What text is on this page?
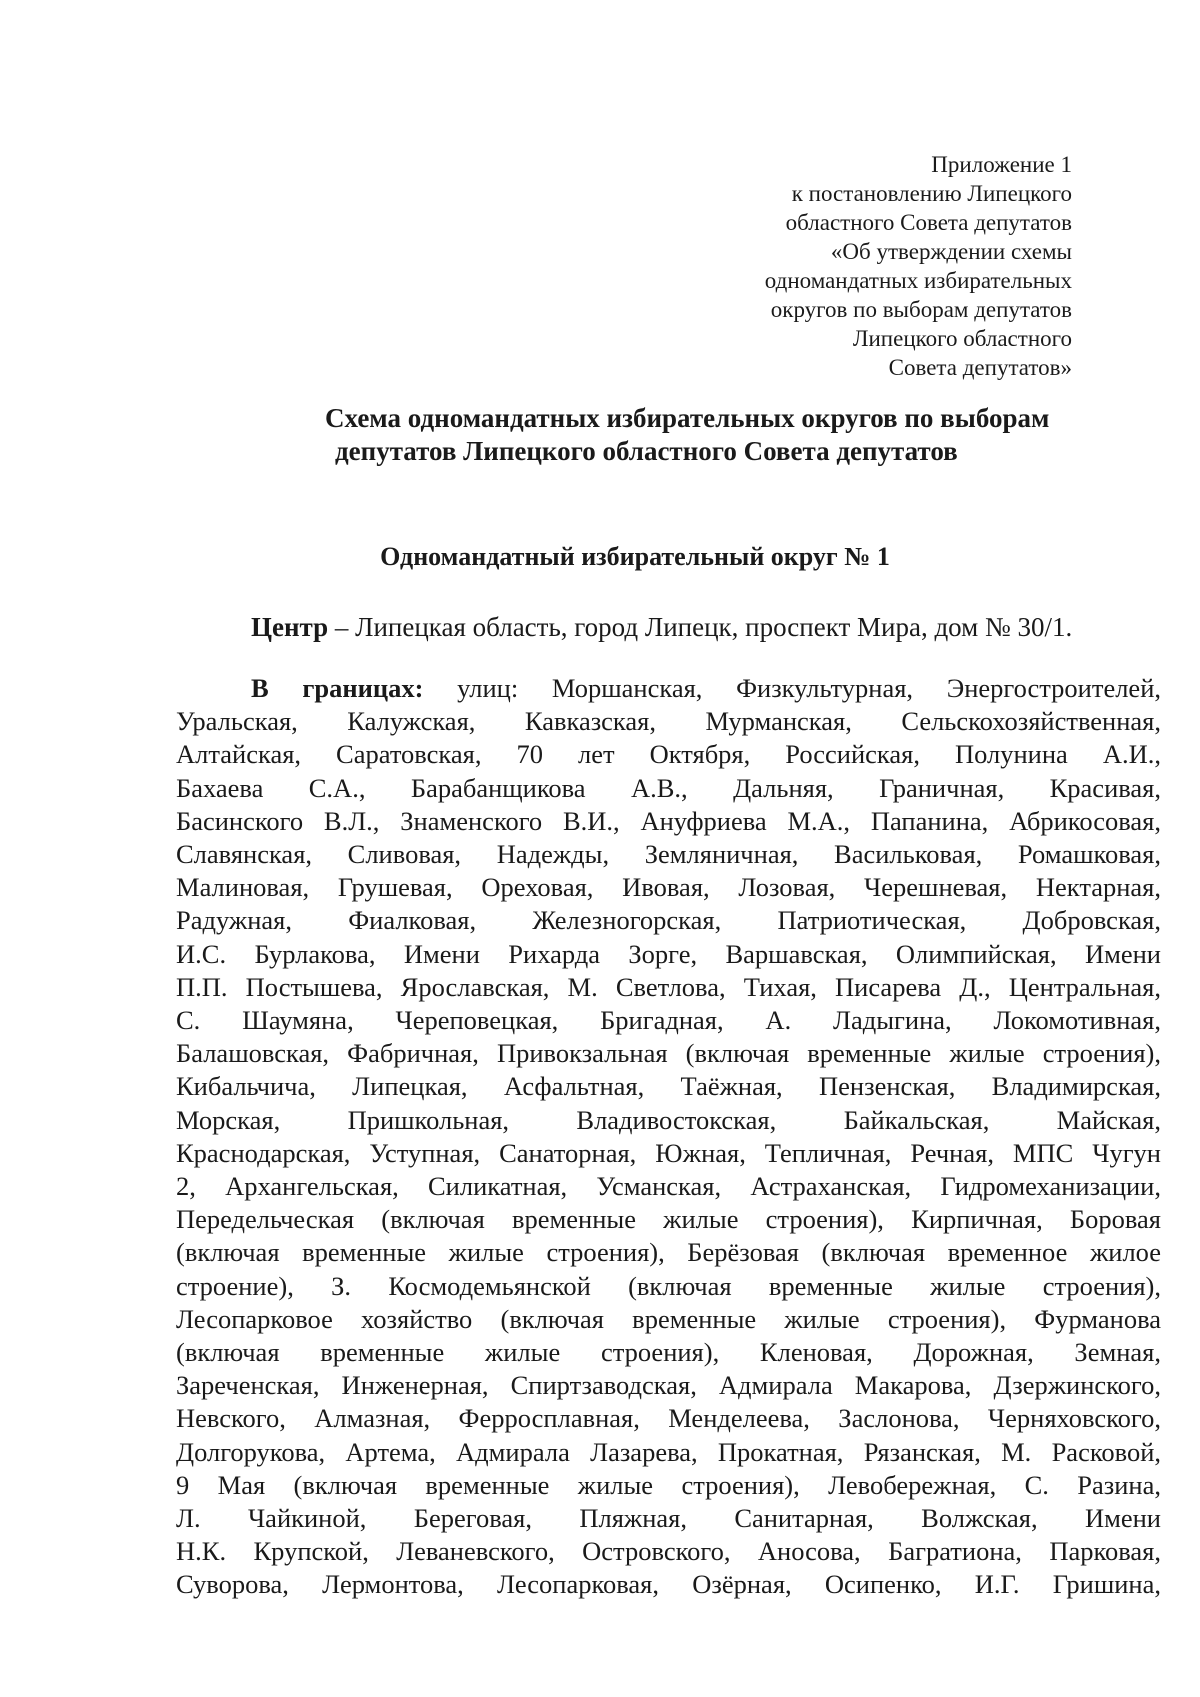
Приложение 1
к постановлению Липецкого
областного Совета депутатов
«Об утверждении схемы
одномандатных избирательных
округов по выборам депутатов
Липецкого областного
Совета депутатов»
Схема одномандатных избирательных округов по выборам
депутатов Липецкого областного Совета депутатов
Одномандатный избирательный округ № 1
Центр – Липецкая область, город Липецк, проспект Мира, дом № 30/1.
В границах: улиц: Моршанская, Физкультурная, Энергостроителей,
Уральская, Калужская, Кавказская, Мурманская, Сельскохозяйственная,
Алтайская, Саратовская, 70 лет Октября, Российская, Полунина А.И.,
Бахаева С.А., Барабанщикова А.В., Дальняя, Граничная, Красивая,
Басинского В.Л., Знаменского В.И., Ануфриева М.А., Папанина, Абрикосовая,
Славянская, Сливовая, Надежды, Земляничная, Васильковая, Ромашковая,
Малиновая, Грушевая, Ореховая, Ивовая, Лозовая, Черешневая, Нектарная,
Радужная, Фиалковая, Железногорская, Патриотическая, Добровская,
И.С. Бурлакова, Имени Рихарда Зорге, Варшавская, Олимпийская, Имени
П.П. Постышева, Ярославская, М. Светлова, Тихая, Писарева Д., Центральная,
С. Шаумяна, Череповецкая, Бригадная, А. Ладыгина, Локомотивная,
Балашовская, Фабричная, Привокзальная (включая временные жилые строения),
Кибальчича, Липецкая, Асфальтная, Таёжная, Пензенская, Владимирская,
Морская, Пришкольная, Владивостокская, Байкальская, Майская,
Краснодарская, Уступная, Санаторная, Южная, Тепличная, Речная, МПС Чугун
2, Архангельская, Силикатная, Усманская, Астраханская, Гидромеханизации,
Передельческая (включая временные жилые строения), Кирпичная, Боровая
(включая временные жилые строения), Берёзовая (включая временное жилое
строение), З. Космодемьянской (включая временные жилые строения),
Лесопарковое хозяйство (включая временные жилые строения), Фурманова
(включая временные жилые строения), Кленовая, Дорожная, Земная,
Зареченская, Инженерная, Спиртзаводская, Адмирала Макарова, Дзержинского,
Невского, Алмазная, Ферросплавная, Менделеева, Заслонова, Черняховского,
Долгорукова, Артема, Адмирала Лазарева, Прокатная, Рязанская, М. Расковой,
9 Мая (включая временные жилые строения), Левобережная, С. Разина,
Л. Чайкиной, Береговая, Пляжная, Санитарная, Волжская, Имени
Н.К. Крупской, Леваневского, Островского, Аносова, Багратиона, Парковая,
Суворова, Лермонтова, Лесопарковая, Озёрная, Осипенко, И.Г. Гришина,
